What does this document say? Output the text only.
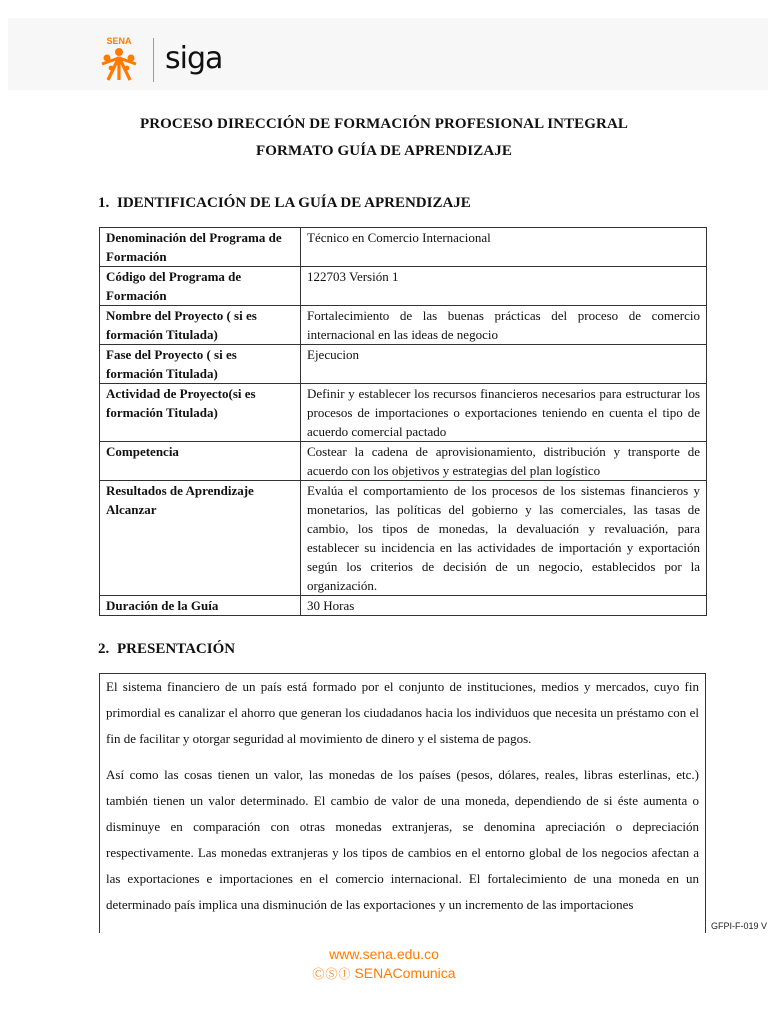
SENA siga
PROCESO DIRECCIÓN DE FORMACIÓN PROFESIONAL INTEGRAL
FORMATO GUÍA DE APRENDIZAJE
1. IDENTIFICACIÓN DE LA GUÍA DE APRENDIZAJE
Denominación del Programa de Formación	Técnico en Comercio Internacional
Código del Programa de Formación	122703 Versión 1
Nombre del Proyecto ( si es formación Titulada)	Fortalecimiento de las buenas prácticas del proceso de comercio internacional en las ideas de negocio
Fase del Proyecto ( si es formación Titulada)	Ejecucion
Actividad de Proyecto(si es formación Titulada)	Definir y establecer los recursos financieros necesarios para estructurar los procesos de importaciones o exportaciones teniendo en cuenta el tipo de acuerdo comercial pactado
Competencia	Costear la cadena de aprovisionamiento, distribución y transporte de acuerdo con los objetivos y estrategias del plan logístico
Resultados de Aprendizaje Alcanzar	Evalúa el comportamiento de los procesos de los sistemas financieros y monetarios, las políticas del gobierno y las comerciales, las tasas de cambio, los tipos de monedas, la devaluación y revaluación, para establecer su incidencia en las actividades de importación y exportación según los criterios de decisión de un negocio, establecidos por la organización.
Duración de la Guía	30 Horas
2. PRESENTACIÓN

El sistema financiero de un país está formado por el conjunto de instituciones, medios y mercados, cuyo fin primordial es canalizar el ahorro que generan los ciudadanos hacia los individuos que necesita un préstamo con el fin de facilitar y otorgar seguridad al movimiento de dinero y el sistema de pagos.

Así como las cosas tienen un valor, las monedas de los países (pesos, dólares, reales, libras esterlinas, etc.) también tienen un valor determinado. El cambio de valor de una moneda, dependiendo de si éste aumenta o disminuye en comparación con otras monedas extranjeras, se denomina apreciación o depreciación respectivamente. Las monedas extranjeras y los tipos de cambios en el entorno global de los negocios afectan a las exportaciones e importaciones en el comercio internacional. El fortalecimiento de una moneda en un determinado país implica una disminución de las exportaciones y un incremento de las importaciones

GFPI-F-019 V
www.sena.edu.co
ⒸⓈⒾ SENAComunica
